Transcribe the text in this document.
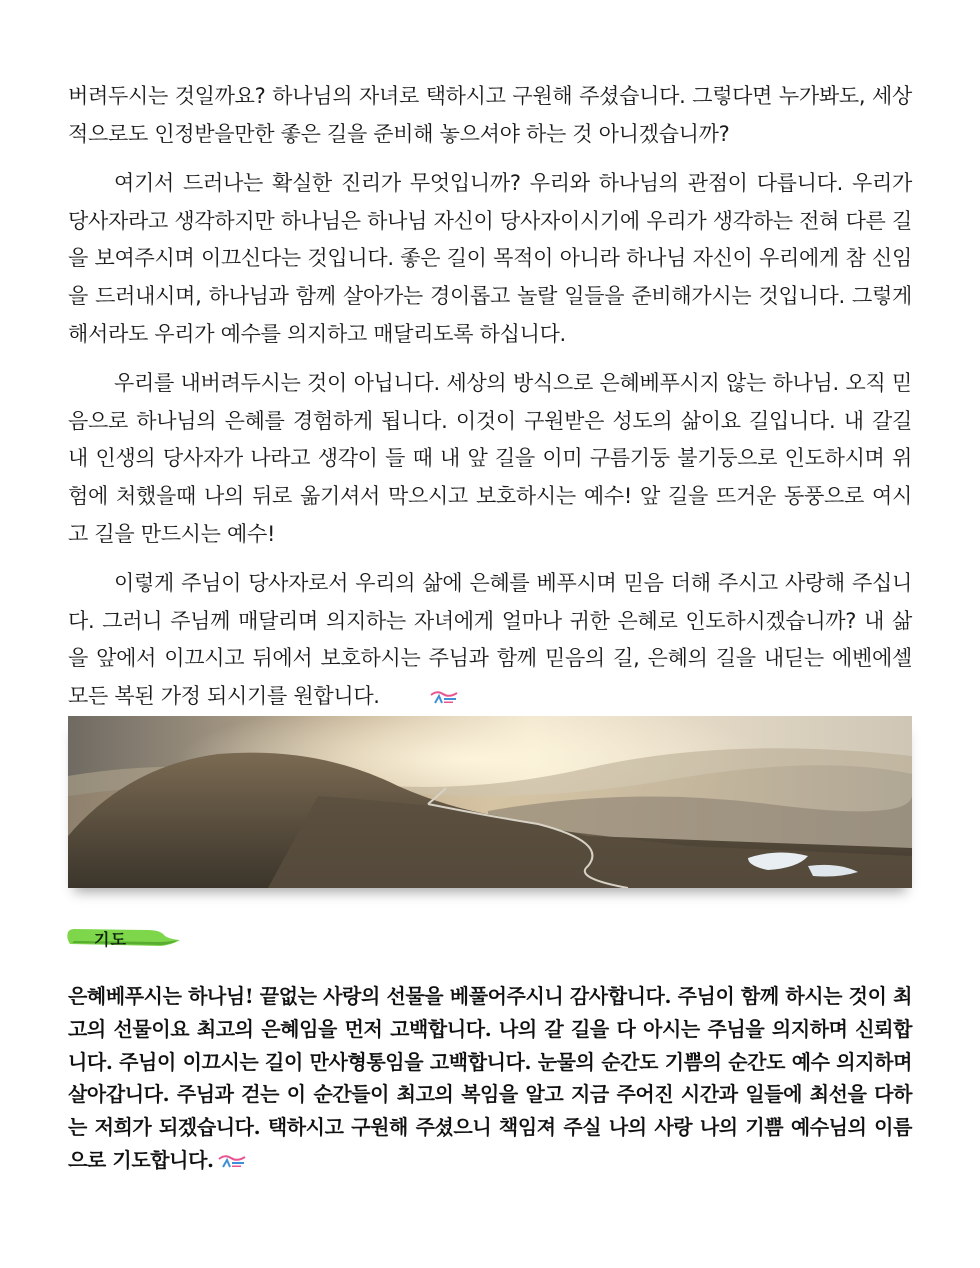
버려두시는 것일까요? 하나님의 자녀로 택하시고 구원해 주셨습니다. 그렇다면 누가봐도, 세상적으로도 인정받을만한 좋은 길을 준비해 놓으셔야 하는 것 아니겠습니까?

여기서 드러나는 확실한 진리가 무엇입니까? 우리와 하나님의 관점이 다릅니다. 우리가 당사자라고 생각하지만 하나님은 하나님 자신이 당사자이시기에 우리가 생각하는 전혀 다른 길을 보여주시며 이끄신다는 것입니다. 좋은 길이 목적이 아니라 하나님 자신이 우리에게 참 신임을 드러내시며, 하나님과 함께 살아가는 경이롭고 놀랄 일들을 준비해가시는 것입니다. 그렇게 해서라도 우리가 예수를 의지하고 매달리도록 하십니다.

우리를 내버려두시는 것이 아닙니다. 세상의 방식으로 은혜베푸시지 않는 하나님. 오직 믿음으로 하나님의 은혜를 경험하게 됩니다. 이것이 구원받은 성도의 삶이요 길입니다. 내 갈길 내 인생의 당사자가 나라고 생각이 들 때 내 앞 길을 이미 구름기둥 불기둥으로 인도하시며 위험에 처했을때 나의 뒤로 옮기셔서 막으시고 보호하시는 예수! 앞 길을 뜨거운 동풍으로 여시고 길을 만드시는 예수!

이렇게 주님이 당사자로서 우리의 삶에 은혜를 베푸시며 믿음 더해 주시고 사랑해 주십니다. 그러니 주님께 매달리며 의지하는 자녀에게 얼마나 귀한 은혜로 인도하시겠습니까? 내 삶을 앞에서 이끄시고 뒤에서 보호하시는 주님과 함께 믿음의 길, 은혜의 길을 내딛는 에벤에셀 모든 복된 가정 되시기를 원합니다.

기도

은혜베푸시는 하나님! 끝없는 사랑의 선물을 베풀어주시니 감사합니다. 주님이 함께 하시는 것이 최고의 선물이요 최고의 은혜임을 먼저 고백합니다. 나의 갈 길을 다 아시는 주님을 의지하며 신뢰합니다. 주님이 이끄시는 길이 만사형통임을 고백합니다. 눈물의 순간도 기쁨의 순간도 예수 의지하며 살아갑니다. 주님과 걷는 이 순간들이 최고의 복임을 알고 지금 주어진 시간과 일들에 최선을 다하는 저희가 되겠습니다. 택하시고 구원해 주셨으니 책임져 주실 나의 사랑 나의 기쁨 예수님의 이름으로 기도합니다.
